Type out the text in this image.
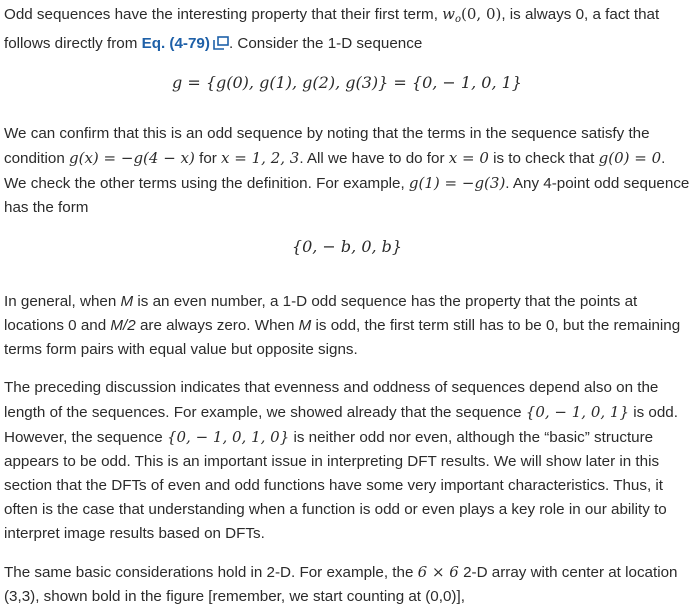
Odd sequences have the interesting property that their first term, $w_o(0$, 0), is always 0, a fact that follows directly from Eq. (4-79) . Consider the 1-D sequence

g = {g(0), g(1), g(2), g(3)} = {0, − 1, 0, 1}

We can confirm that this is an odd sequence by noting that the terms in the sequence satisfy the condition g(x) = −g(4 − x) for x = 1, 2, 3. All we have to do for x = 0 is to check that g(0) = 0. We check the other terms using the definition. For example, g(1) = −g(3). Any 4-point odd sequence has the form

{0, − b, 0, b}

In general, when M is an even number, a 1-D odd sequence has the property that the points at locations 0 and M/2 are always zero. When M is odd, the first term still has to be 0, but the remaining terms form pairs with equal value but opposite signs.

The preceding discussion indicates that evenness and oddness of sequences depend also on the length of the sequences. For example, we showed already that the sequence {0, − 1, 0, 1} is odd. However, the sequence {0, − 1, 0, 1, 0} is neither odd nor even, although the “basic” structure appears to be odd. This is an important issue in interpreting DFT results. We will show later in this section that the DFTs of even and odd functions have some very important characteristics. Thus, it often is the case that understanding when a function is odd or even plays a key role in our ability to interpret image results based on DFTs.

The same basic considerations hold in 2-D. For example, the 6 × 6 2-D array with center at location (3,3), shown bold in the figure [remember, we start counting at (0,0)],
